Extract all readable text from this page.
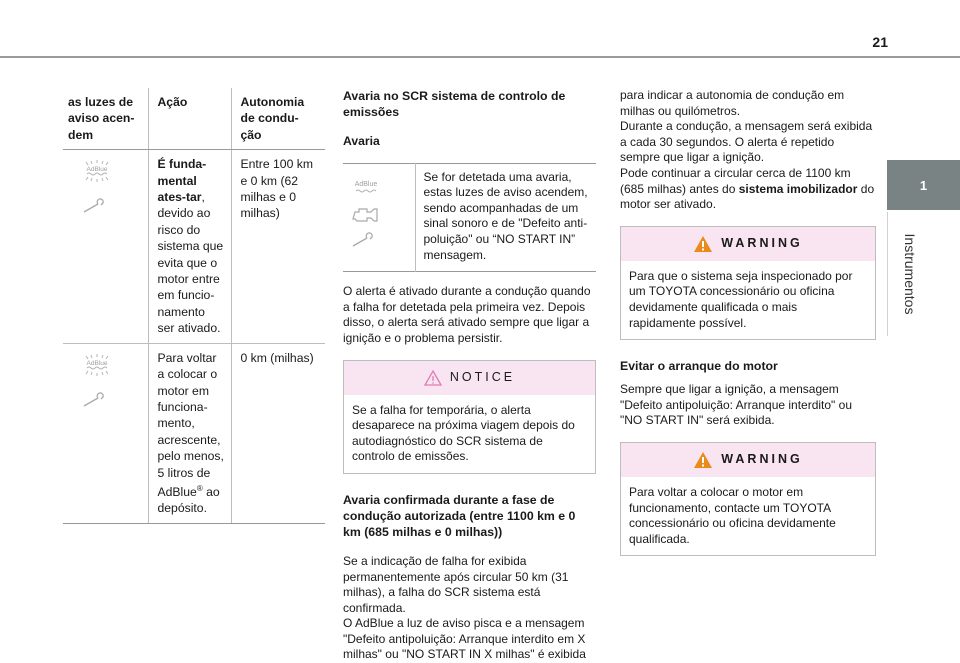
21
1
Instrumentos
as luzes de aviso acen-dem	Ação	Autonomia de condu-ção

AdBlue	É funda-mental ates-tar, devido ao risco do sistema que evita que o motor entre em funcio-namento ser ativado.	Entre 100 km e 0 km (62 milhas e 0 milhas)

AdBlue	Para voltar a colocar o motor em funciona-mento, acrescente, pelo menos, 5 litros de AdBlue® ao depósito.	0 km (milhas)
Avaria no SCR sistema de controlo de emissões
Avaria
AdBlue
	Se for detetada uma avaria, estas luzes de aviso acendem, sendo acompanhadas de um sinal sonoro e de "Defeito anti-poluição" ou “NO START IN” mensagem.

O alerta é ativado durante a condução quando a falha for detetada pela primeira vez. Depois disso, o alerta será ativado sempre que ligar a ignição e o problema persistir.

NOTICE
Se a falha for temporária, o alerta desaparece na próxima viagem depois do autodiagnóstico do SCR sistema de controlo de emissões.
Avaria confirmada durante a fase de condução autorizada (entre 1100 km e 0 km (685 milhas e 0 milhas))

Se a indicação de falha for exibida permanentemente após circular 50 km (31 milhas), a falha do SCR sistema está confirmada.

O AdBlue a luz de aviso pisca e a mensagem "Defeito antipoluição: Arranque interdito em X milhas" ou "NO START IN X milhas" é exibida

para indicar a autonomia de condução em milhas ou quilómetros.

Durante a condução, a mensagem será exibida a cada 30 segundos. O alerta é repetido sempre que ligar a ignição.

Pode continuar a circular cerca de 1100 km (685 milhas) antes do sistema imobilizador do motor ser ativado.

WARNING
Para que o sistema seja inspecionado por um TOYOTA concessionário ou oficina devidamente qualificada o mais rapidamente possível.
Evitar o arranque do motor

Sempre que ligar a ignição, a mensagem "Defeito antipoluição: Arranque interdito" ou "NO START IN" será exibida.

WARNING
Para voltar a colocar o motor em funcionamento, contacte um TOYOTA concessionário ou oficina devidamente qualificada.
